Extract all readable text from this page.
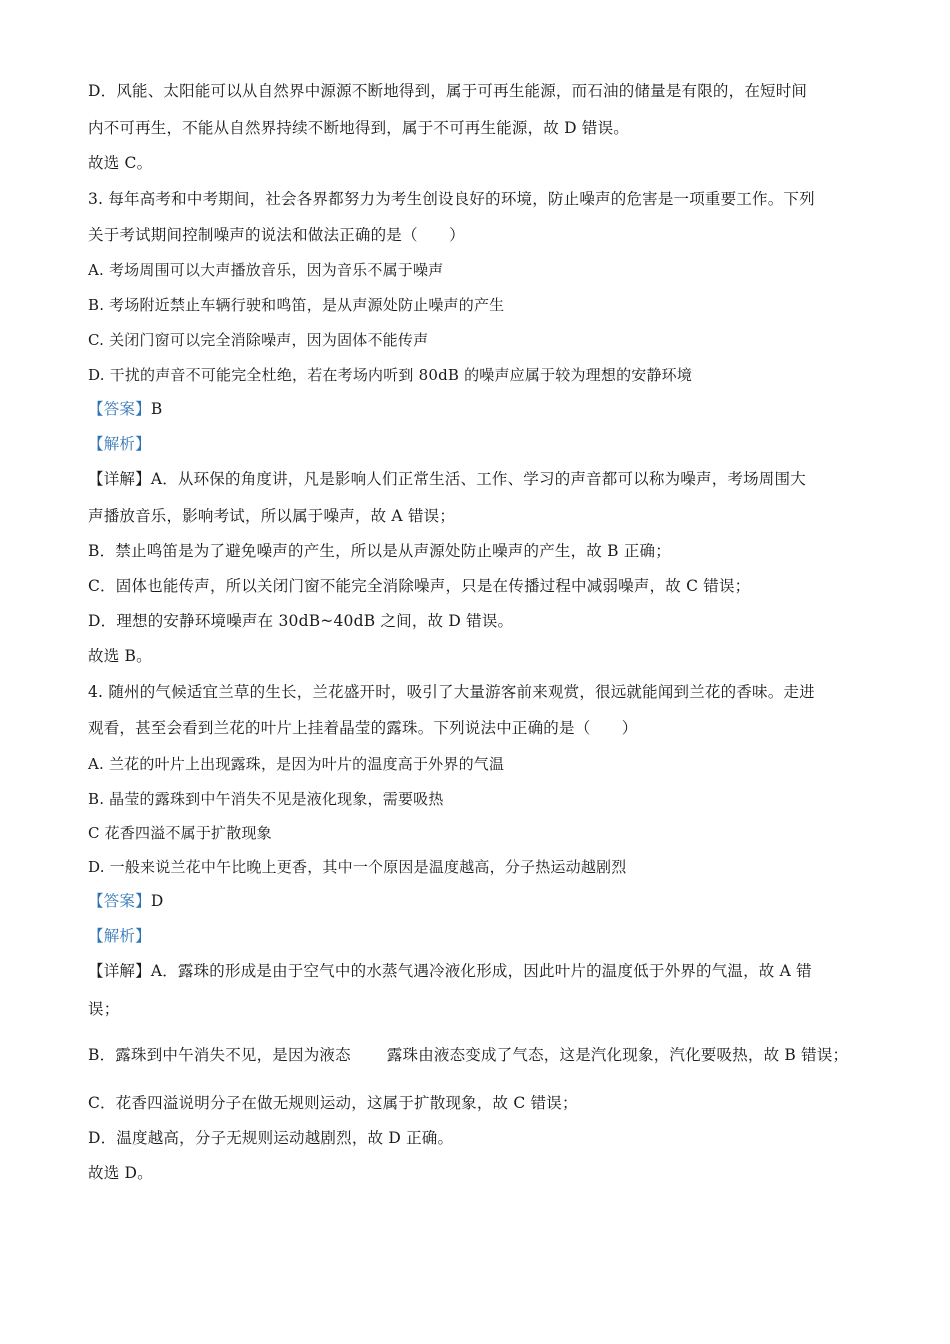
D．风能、太阳能可以从自然界中源源不断地得到，属于可再生能源，而石油的储量是有限的，在短时间
内不可再生，不能从自然界持续不断地得到，属于不可再生能源，故 D 错误。
故选 C。
3. 每年高考和中考期间，社会各界都努力为考生创设良好的环境，防止噪声的危害是一项重要工作。下列
关于考试期间控制噪声的说法和做法正确的是（　　）
A. 考场周围可以大声播放音乐，因为音乐不属于噪声
B. 考场附近禁止车辆行驶和鸣笛，是从声源处防止噪声的产生
C. 关闭门窗可以完全消除噪声，因为固体不能传声
D. 干扰的声音不可能完全杜绝，若在考场内听到 80dB 的噪声应属于较为理想的安静环境
【答案】B
【解析】
【详解】A．从环保的角度讲，凡是影响人们正常生活、工作、学习的声音都可以称为噪声，考场周围大
声播放音乐，影响考试，所以属于噪声，故 A 错误；
B．禁止鸣笛是为了避免噪声的产生，所以是从声源处防止噪声的产生，故 B 正确；
C．固体也能传声，所以关闭门窗不能完全消除噪声，只是在传播过程中减弱噪声，故 C 错误；
D．理想的安静环境噪声在 30dB~40dB 之间，故 D 错误。
故选 B。
4. 随州的气候适宜兰草的生长，兰花盛开时，吸引了大量游客前来观赏，很远就能闻到兰花的香味。走进
观看，甚至会看到兰花的叶片上挂着晶莹的露珠。下列说法中正确的是（　　）
A. 兰花的叶片上出现露珠，是因为叶片的温度高于外界的气温
B. 晶莹的露珠到中午消失不见是液化现象，需要吸热
C 花香四溢不属于扩散现象
D. 一般来说兰花中午比晚上更香，其中一个原因是温度越高，分子热运动越剧烈
【答案】D
【解析】
【详解】A．露珠的形成是由于空气中的水蒸气遇冷液化形成，因此叶片的温度低于外界的气温，故 A 错
误；
B．露珠到中午消失不见，是因为液态 露珠由液态变成了气态，这是汽化现象，汽化要吸热，故 B 错误；
C．花香四溢说明分子在做无规则运动，这属于扩散现象，故 C 错误；
D．温度越高，分子无规则运动越剧烈，故 D 正确。
故选 D。
